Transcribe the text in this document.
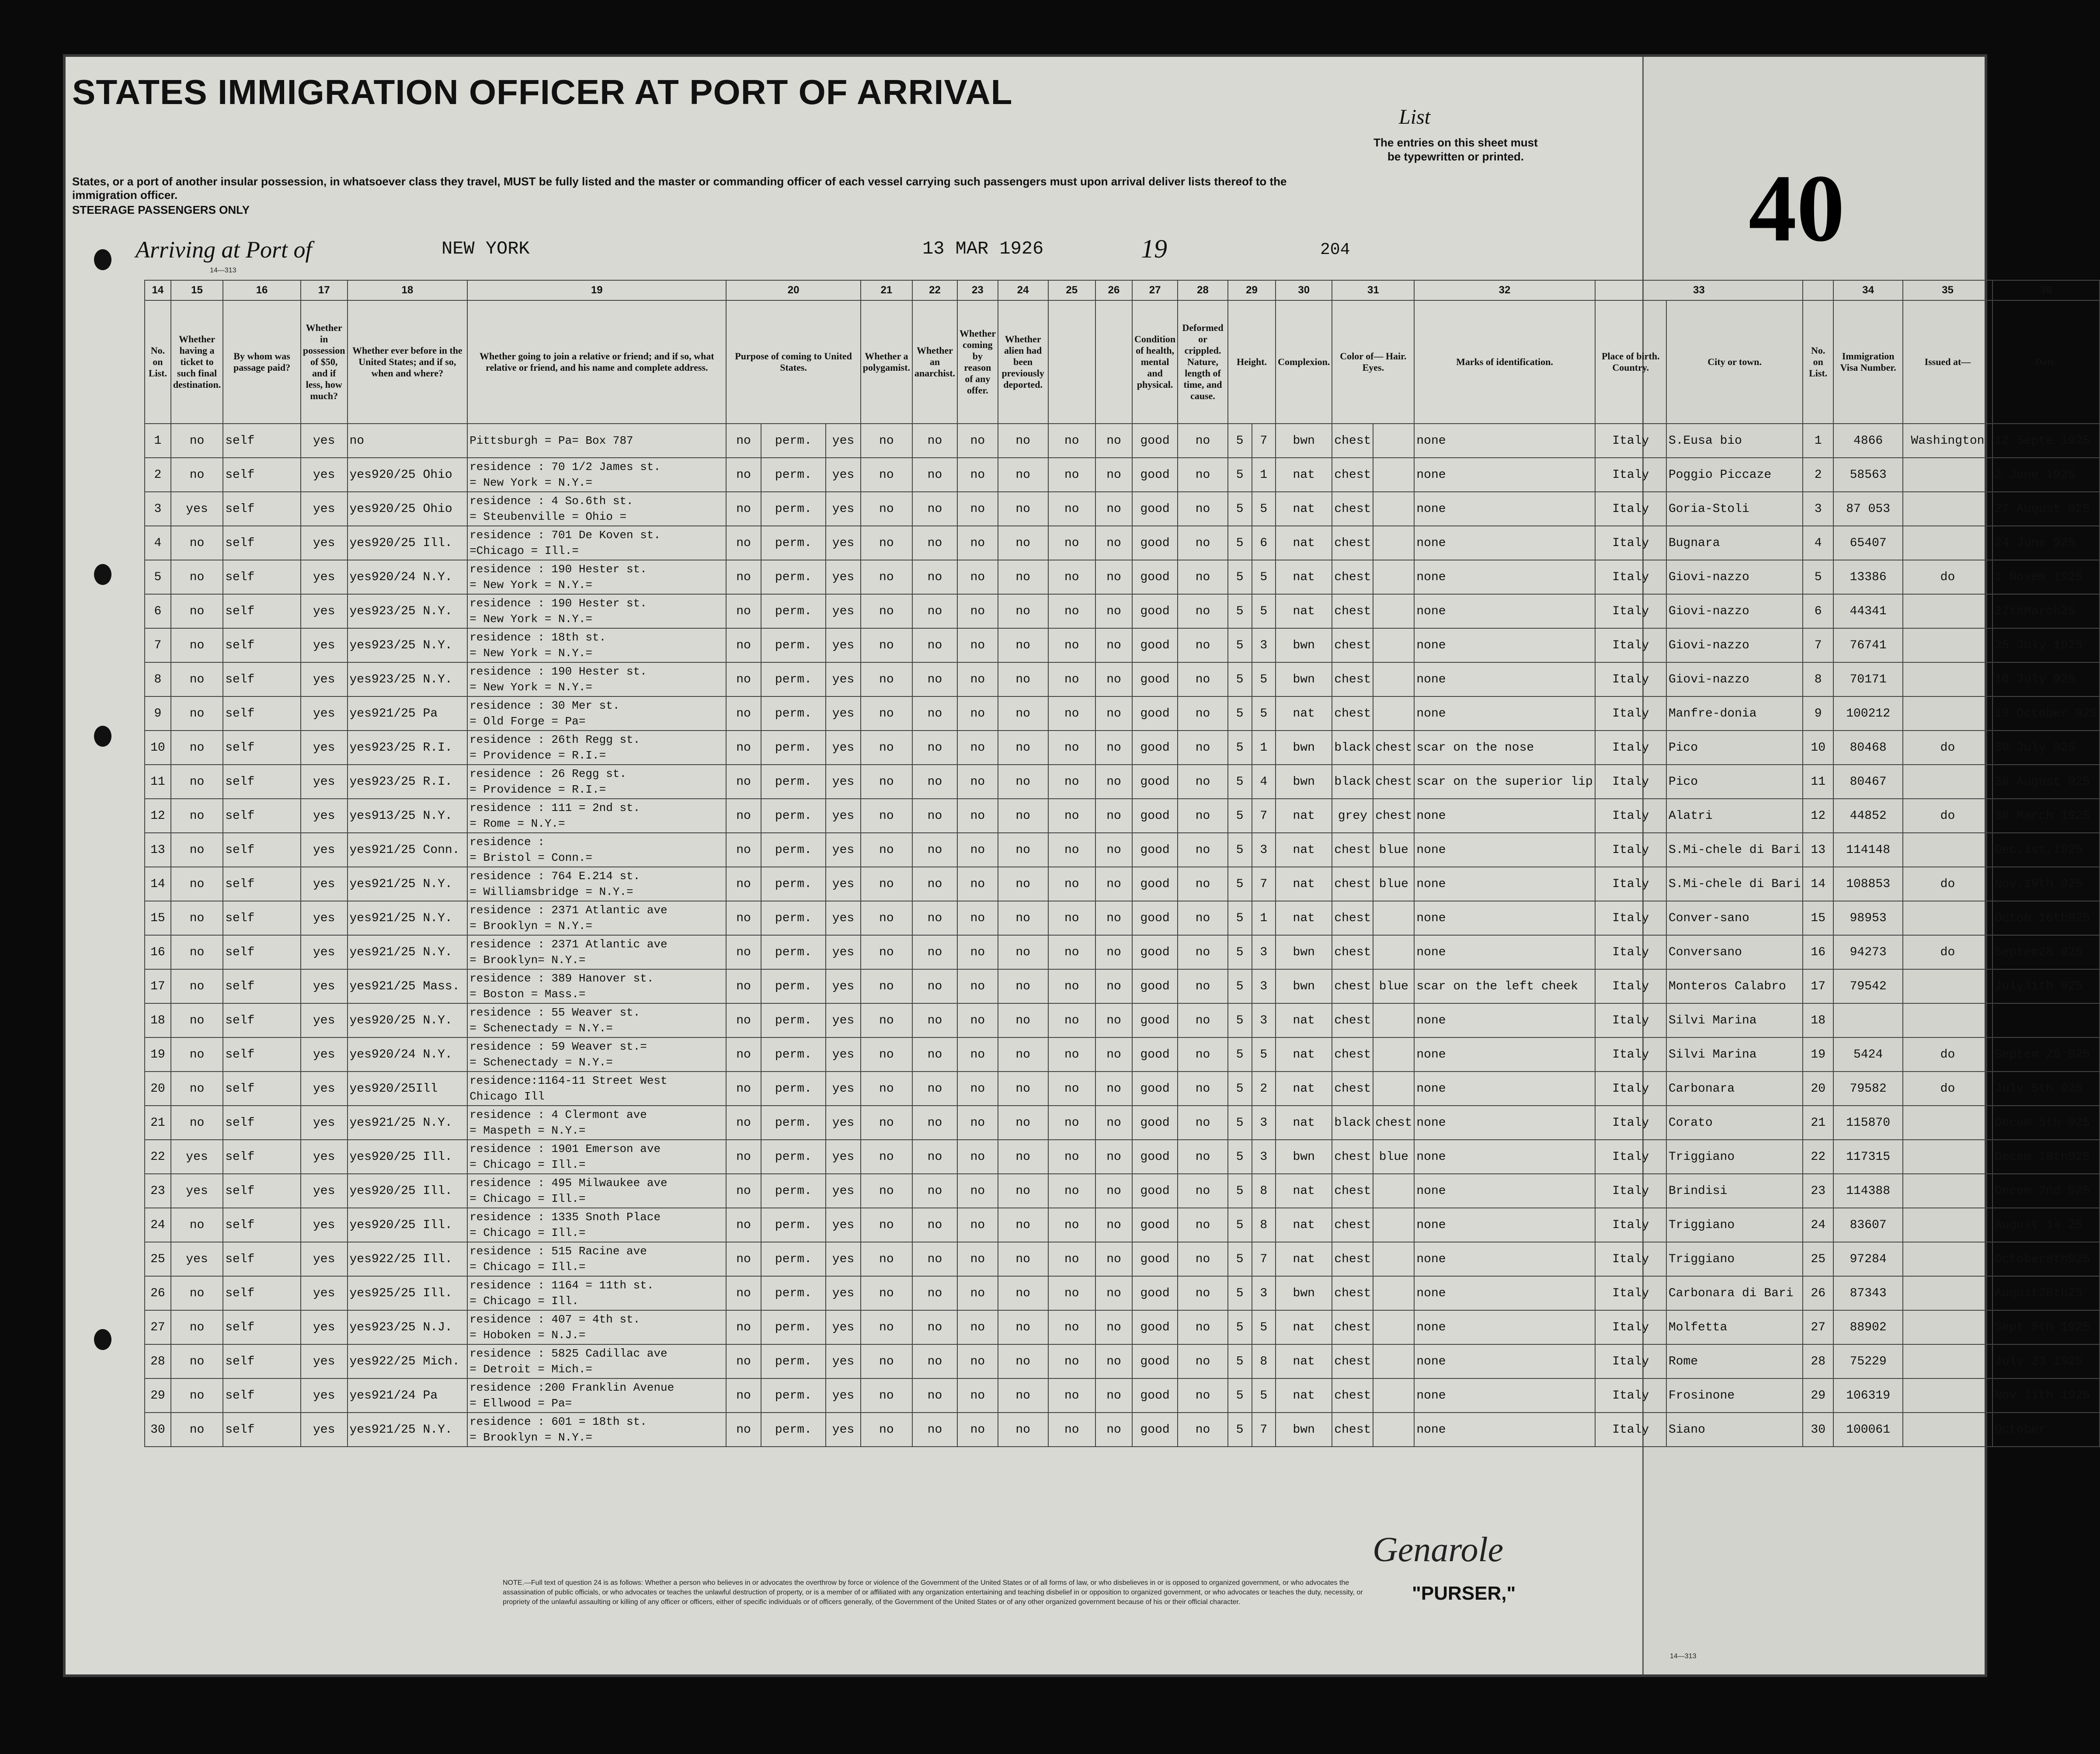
STATES IMMIGRATION OFFICER AT PORT OF ARRIVAL
States, or a port of another insular possession, in whatsoever class they travel, MUST be fully listed and the master or commanding officer of each vessel carrying such passengers must upon arrival deliver lists thereof to the immigration officer.
STEERAGE PASSENGERS ONLY
List
The entries on this sheet must be typewritten or printed. 40
Arriving at Port of	NEW YORK	13 MAR 1926	19	204
14—313
14	15	16	17	18	19	20			21	22	23	24	25	26	27	28	29		30	31		32	33			34	35	36
No. on List.	Whether having a ticket to such final destination.	By whom was passage paid?	Whether in possession of $50, and if less, how much?	Whether ever before in the United States; and if so, when and where?	Whether going to join a relative or friend; and if so, what relative or friend, and his name and complete address.	Purpose of coming to United States.			Whether a polygamist.	Whether an anarchist.	Whether coming by reason of any offer.	Whether alien had been previously deported.			Condition of health, mental and physical.	Deformed or crippled. Nature, length of time, and cause.	Height.		Complexion.	Color of— Hair. Eyes.		Marks of identification.	Place of birth. Country.	City or town.	No. on List.	Immigration Visa Number.	Issued at—	Date.
1	no	self	yes	no	Pittsburgh = Pa= Box 787	no	perm.	yes	no	no	no	no	no	no	good	no	5	7	bwn	chest		none	Italy	S.Eusa bio	1	4866	Washington	12 Septe 1925
2	no	self	yes	yes920/25 Ohio	residence : 70 1/2 James st.
= New York = N.Y.=	no	perm.	yes	no	no	no	no	no	no	good	no	5	1	nat	chest		none	Italy	Poggio Piccaze	2	58563		2 June 1925
3	yes	self	yes	yes920/25 Ohio	residence : 4 So.6th st.
= Steubenville = Ohio =	no	perm.	yes	no	no	no	no	no	no	good	no	5	5	nat	chest		none	Italy	Goria-Stoli	3	87 053		27 August 925
4	no	self	yes	yes920/25 Ill.	residence : 701 De Koven st.
=Chicago = Ill.=	no	perm.	yes	no	no	no	no	no	no	good	no	5	6	nat	chest		none	Italy	Bugnara	4	65407		24 June 925
5	no	self	yes	yes920/24 N.Y.	residence : 190 Hester st.
= New York = N.Y.=	no	perm.	yes	no	no	no	no	no	no	good	no	5	5	nat	chest		none	Italy	Giovi-nazzo	5	13386	do	1 Novem 1925
6	no	self	yes	yes923/25 N.Y.	residence : 190 Hester st.
= New York = N.Y.=	no	perm.	yes	no	no	no	no	no	no	good	no	5	5	nat	chest		none	Italy	Giovi-nazzo	6	44341		27thMarch25
7	no	self	yes	yes923/25 N.Y.	residence : 18th st.
= New York = N.Y.=	no	perm.	yes	no	no	no	no	no	no	good	no	5	3	bwn	chest		none	Italy	Giovi-nazzo	7	76741		25 July 1925
8	no	self	yes	yes923/25 N.Y.	residence : 190 Hester st.
= New York = N.Y.=	no	perm.	yes	no	no	no	no	no	no	good	no	5	5	bwn	chest		none	Italy	Giovi-nazzo	8	70171		10 July 925
9	no	self	yes	yes921/25 Pa	residence : 30 Mer st.
= Old Forge = Pa=	no	perm.	yes	no	no	no	no	no	no	good	no	5	5	nat	chest		none	Italy	Manfre-donia	9	100212		19 October 925
10	no	self	yes	yes923/25 R.I.	residence : 26th Regg st.
= Providence = R.I.=	no	perm.	yes	no	no	no	no	no	no	good	no	5	1	bwn	black	chest	scar on the nose	Italy	Pico	10	80468	do	30 July 925
11	no	self	yes	yes923/25 R.I.	residence : 26 Regg st.
= Providence = R.I.=	no	perm.	yes	no	no	no	no	no	no	good	no	5	4	bwn	black	chest	scar on the superior lip	Italy	Pico	11	80467		30 August 925
12	no	self	yes	yes913/25 N.Y.	residence : 111 = 2nd st.
= Rome = N.Y.=	no	perm.	yes	no	no	no	no	no	no	good	no	5	7	nat	grey	chest	none	Italy	Alatri	12	44852	do	30 March 1925
13	no	self	yes	yes921/25 Conn.	residence :
= Bristol = Conn.=	no	perm.	yes	no	no	no	no	no	no	good	no	5	3	nat	chest	blue	none	Italy	S.Mi-chele di Bari	13	114148		Dec.1st,1925
14	no	self	yes	yes921/25 N.Y.	residence : 764 E.214 st.
= Williamsbridge = N.Y.=	no	perm.	yes	no	no	no	no	no	no	good	no	5	7	nat	chest	blue	none	Italy	S.Mi-chele di Bari	14	108853	do	Nov.19th 925
15	no	self	yes	yes921/25 N.Y.	residence : 2371 Atlantic ave
= Brooklyn = N.Y.=	no	perm.	yes	no	no	no	no	no	no	good	no	5	1	nat	chest		none	Italy	Conver-sano	15	98953		Octob 16th925
16	no	self	yes	yes921/25 N.Y.	residence : 2371 Atlantic ave
= Brooklyn= N.Y.=	no	perm.	yes	no	no	no	no	no	no	good	no	5	3	bwn	chest		none	Italy	Conversano	16	94273	do	Septem28 925
17	no	self	yes	yes921/25 Mass.	residence : 389 Hanover st.
= Boston = Mass.=	no	perm.	yes	no	no	no	no	no	no	good	no	5	3	bwn	chest	blue	scar on the left cheek	Italy	Monteros Calabro	17	79542		July31th 925
18	no	self	yes	yes920/25 N.Y.	residence : 55 Weaver st.
= Schenectady = N.Y.=	no	perm.	yes	no	no	no	no	no	no	good	no	5	3	nat	chest		none	Italy	Silvi Marina	18			
19	no	self	yes	yes920/24 N.Y.	residence : 59 Weaver st.=
= Schenectady = N.Y.=	no	perm.	yes	no	no	no	no	no	no	good	no	5	5	nat	chest		none	Italy	Silvi Marina	19	5424	do	Septem 28 925
20	no	self	yes	yes920/25Ill	residence:1164-11 Street West
Chicago Ill	no	perm.	yes	no	no	no	no	no	no	good	no	5	2	nat	chest		none	Italy	Carbonara	20	79582	do	July 5th 925
21	no	self	yes	yes921/25 N.Y.	residence : 4 Clermont ave
= Maspeth = N.Y.=	no	perm.	yes	no	no	no	no	no	no	good	no	5	3	nat	black	chest	none	Italy	Corato	21	115870		Decem 5th 925
22	yes	self	yes	yes920/25 Ill.	residence : 1901 Emerson ave
= Chicago = Ill.=	no	perm.	yes	no	no	no	no	no	no	good	no	5	3	bwn	chest	blue	none	Italy	Triggiano	22	117315		Decem 18th925
23	yes	self	yes	yes920/25 Ill.	residence : 495 Milwaukee ave
= Chicago = Ill.=	no	perm.	yes	no	no	no	no	no	no	good	no	5	8	nat	chest		none	Italy	Brindisi	23	114388		Decem 2nd 925
24	no	self	yes	yes920/25 Ill.	residence : 1335 Snoth Place
= Chicago = Ill.=	no	perm.	yes	no	no	no	no	no	no	good	no	5	8	nat	chest		none	Italy	Triggiano	24	83607		August 14 25
25	yes	self	yes	yes922/25 Ill.	residence : 515 Racine ave
= Chicago = Ill.=	no	perm.	yes	no	no	no	no	no	no	good	no	5	7	nat	chest		none	Italy	Triggiano	25	97284		October8th925
26	no	self	yes	yes925/25 Ill.	residence : 1164 = 11th st.
= Chicago = Ill.	no	perm.	yes	no	no	no	no	no	no	good	no	5	3	bwn	chest		none	Italy	Carbonara di Bari	26	87343		August28th25
27	no	self	yes	yes923/25 N.J.	residence : 407 = 4th st.
= Hoboken = N.J.=	no	perm.	yes	no	no	no	no	no	no	good	no	5	5	nat	chest		none	Italy	Molfetta	27	88902		Sept 5th 1925
28	no	self	yes	yes922/25 Mich.	residence : 5825 Cadillac ave
= Detroit = Mich.=	no	perm.	yes	no	no	no	no	no	no	good	no	5	8	nat	chest		none	Italy	Rome	28	75229		July 23 1925
29	no	self	yes	yes921/24 Pa	residence :200 Franklin Avenue
= Ellwood = Pa=	no	perm.	yes	no	no	no	no	no	no	good	no	5	5	nat	chest		none	Italy	Frosinone	29	106319		Nov 11th 1925
30	no	self	yes	yes921/25 N.Y.	residence : 601 = 18th st.
= Brooklyn = N.Y.=	no	perm.	yes	no	no	no	no	no	no	good	no	5	7	bwn	chest		none	Italy	Siano	30	100061		October
Genarole
NOTE.—Full text of question 24 is as follows: Whether a person who believes in or advocates the overthrow by force or violence of the Government of the United States or of all forms of law, or who disbelieves in or is opposed to organized government, or who advocates the assassination of public officials, or who advocates or teaches the unlawful destruction of property, or is a member of or affiliated with any organization entertaining and teaching disbelief in or opposition to organized government, or who advocates or teaches the duty, necessity, or propriety of the unlawful assaulting or killing of any officer or officers, either of specific individuals or of officers generally, of the Government of the United States or of any other organized government because of his or their official character.	"PURSER,"
14—313
